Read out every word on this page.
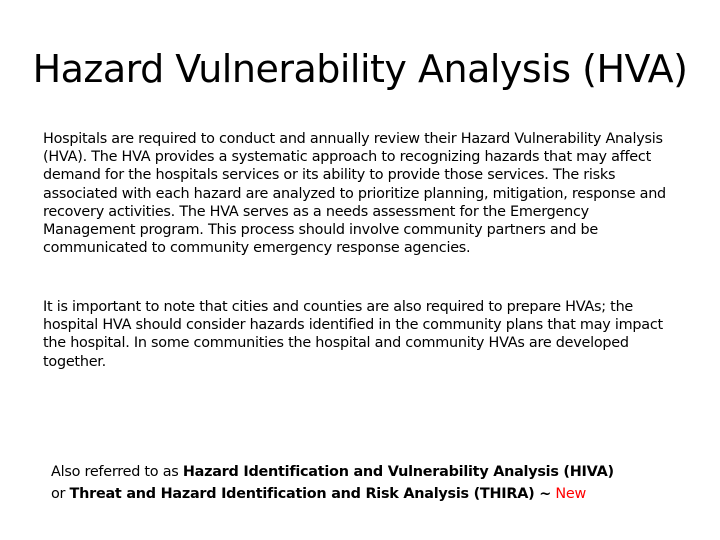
Hazard Vulnerability Analysis (HVA)

Hospitals are required to conduct and annually review their Hazard Vulnerability Analysis (HVA). The HVA provides a systematic approach to recognizing hazards that may affect demand for the hospitals services or its ability to provide those services. The risks associated with each hazard are analyzed to prioritize planning, mitigation, response and recovery activities. The HVA serves as a needs assessment for the Emergency Management program. This process should involve community partners and be communicated to community emergency response agencies.

It is important to note that cities and counties are also required to prepare HVAs; the hospital HVA should consider hazards identified in the community plans that may impact the hospital. In some communities the hospital and community HVAs are developed together.

Also referred to as Hazard Identification and Vulnerability Analysis (HIVA)
or Threat and Hazard Identification and Risk Analysis (THIRA) ~ New
